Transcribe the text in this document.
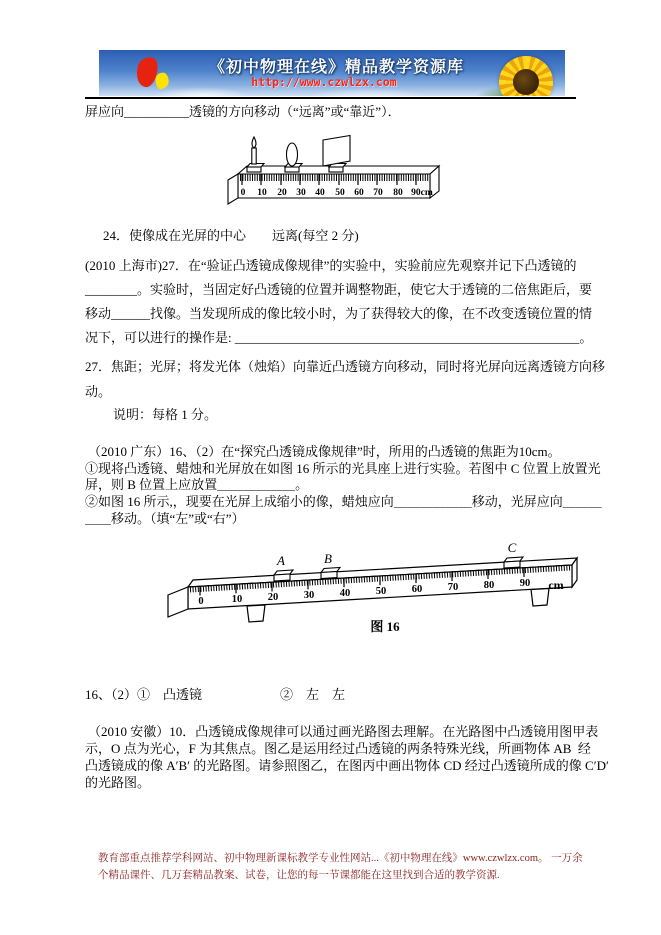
《初中物理在线》精品教学资源库
http://www.czwlzx.com
屏应向__________透镜的方向移动（“远离”或“靠近”）．
0 10 20 30 40 50 60 70 80 90cm
24．使像成在光屏的中心　　远离(每空 2 分)
(2010 上海市)27．在“验证凸透镜成像规律”的实验中，实验前应先观察并记下凸透镜的
________。实验时，当固定好凸透镜的位置并调整物距，使它大于透镜的二倍焦距后，要
移动______找像。当发现所成的像比较小时，为了获得较大的像，在不改变透镜位置的情
况下，可以进行的操作是: _____________________________________________________。
27．焦距；光屏；将发光体（烛焰）向靠近凸透镜方向移动，同时将光屏向远离透镜方向移
动。
说明：每格 1 分。
（2010 广东）16、（2）在“探究凸透镜成像规律”时，所用的凸透镜的焦距为10cm。
①现将凸透镜、蜡烛和光屏放在如图 16 所示的光具座上进行实验。若图中 C 位置上放置光
屏，则 B 位置上应放置＿＿＿＿＿＿。
②如图 16 所示,，现要在光屏上成缩小的像，蜡烛应向＿＿＿＿＿＿移动，光屏应向＿＿＿
＿＿移动。（填“左”或“右”）
0	10 20 30 40 50 60 70 80 90 cm
A	B
C
图 16
16、（2）①　凸透镜　　　　　　②　左　左
（2010 安徽）10．凸透镜成像规律可以通过画光路图去理解。在光路图中凸透镜用图甲表
示，O 点为光心，F 为其焦点。图乙是运用经过凸透镜的两条特殊光线，所画物体 AB  经
凸透镜成的像 A′B′ 的光路图。请参照图乙，在图丙中画出物体 CD 经过凸透镜所成的像 C′D′
的光路图。
教育部重点推荐学科网站、初中物理新课标教学专业性网站...《初中物理在线》www.czwlzx.com。 一万余
个精品课件、几万套精品教案、试卷，让您的每一节课都能在这里找到合适的教学资源.
